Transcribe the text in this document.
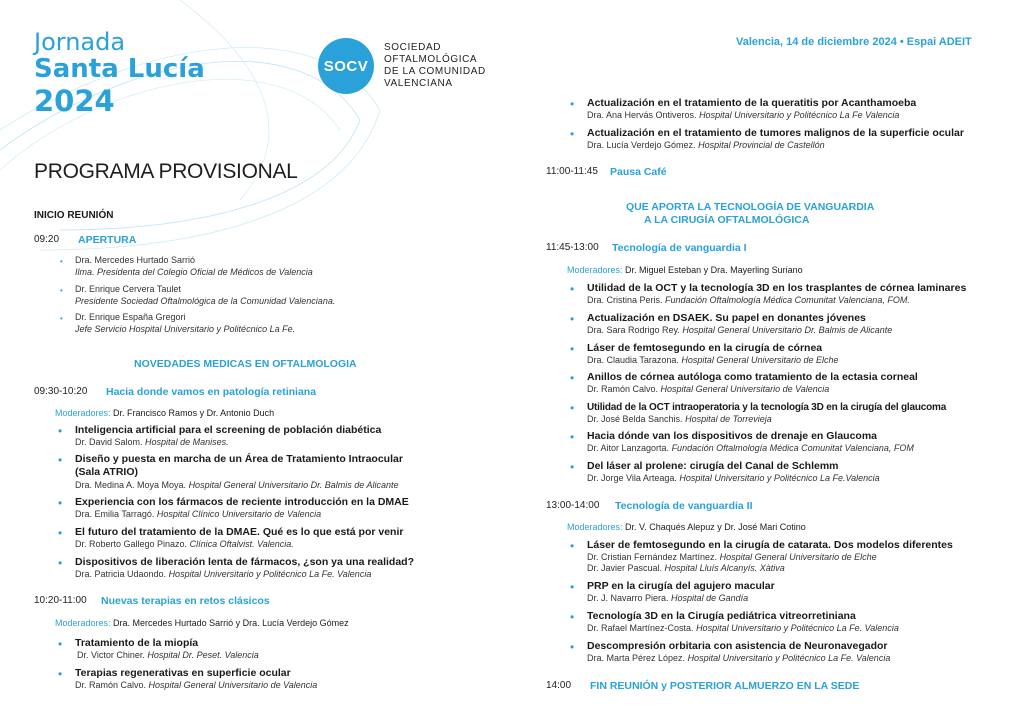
Jornada
Santa Lucía
2024
SOCV
SOCIEDAD
OFTALMOLÓGICA
DE LA COMUNIDAD
VALENCIANA
Valencia, 14 de diciembre 2024 • Espai ADEIT
PROGRAMA PROVISIONAL
INICIO REUNIÓN
09:20 APERTURA
• Dra. Mercedes Hurtado Sarrió
Ilma. Presidenta del Colegio Oficial de Médicos de Valencia
• Dr. Enrique Cervera Taulet
Presidente Sociedad Oftalmológica de la Comunidad Valenciana.
• Dr. Enrique España Gregori
Jefe Servicio Hospital Universitario y Politécnico La Fe.
NOVEDADES MEDICAS EN OFTALMOLOGIA
09:30-10:20 Hacia donde vamos en patología retiniana
Moderadores: Dr. Francisco Ramos y Dr. Antonio Duch
• Inteligencia artificial para el screening de población diabética
Dr. David Salom. Hospital de Manises.
• Diseño y puesta en marcha de un Área de Tratamiento Intraocular
(Sala ATRIO)
Dra. Medina A. Moya Moya. Hospital General Universitario Dr. Balmis de Alicante
• Experiencia con los fármacos de reciente introducción en la DMAE
Dra. Emilia Tarragó. Hospital Clínico Universitario de Valencia
• El futuro del tratamiento de la DMAE. Qué es lo que está por venir
Dr. Roberto Gallego Pinazo. Clínica Oftalvist. Valencia.
• Dispositivos de liberación lenta de fármacos, ¿son ya una realidad?
Dra. Patricia Udaondo. Hospital Universitario y Politécnico La Fe. Valencia
10:20-11:00 Nuevas terapias en retos clásicos
Moderadores: Dra. Mercedes Hurtado Sarrió y Dra. Lucía Verdejo Gómez
• Tratamiento de la miopía
Dr. Victor Chiner. Hospital Dr. Peset. Valencia
• Terapias regenerativas en superficie ocular
Dr. Ramón Calvo. Hospital General Universitario de Valencia
• Actualización en el tratamiento de la queratitis por Acanthamoeba
Dra. Ana Hervás Ontiveros. Hospital Universitario y Politécnico La Fe Valencia
• Actualización en el tratamiento de tumores malignos de la superficie ocular
Dra. Lucía Verdejo Gómez. Hospital Provincial de Castellón
11:00-11:45 Pausa Café
QUE APORTA LA TECNOLOGÍA DE VANGUARDIA
A LA CIRUGÍA OFTALMOLÓGICA
11:45-13:00 Tecnología de vanguardia I
Moderadores: Dr. Miguel Esteban y Dra. Mayerling Suriano
• Utilidad de la OCT y la tecnología 3D en los trasplantes de córnea laminares
Dra. Cristina Peris. Fundación Oftalmología Médica Comunitat Valenciana, FOM.
• Actualización en DSAEK. Su papel en donantes jóvenes
Dra. Sara Rodrigo Rey. Hospital General Universitario Dr. Balmis de Alicante
• Láser de femtosegundo en la cirugía de córnea
Dra. Claudia Tarazona. Hospital General Universitario de Elche
• Anillos de córnea autóloga como tratamiento de la ectasia corneal
Dr. Ramón Calvo. Hospital General Universitario de Valencia
• Utilidad de la OCT intraoperatoria y la tecnología 3D en la cirugía del glaucoma
Dr. José Belda Sanchis. Hospital de Torrevieja
• Hacia dónde van los dispositivos de drenaje en Glaucoma
Dr. Aitor Lanzagorta. Fundación Oftalmología Médica Comunitat Valenciana, FOM
• Del láser al prolene: cirugía del Canal de Schlemm
Dr. Jorge Vila Arteaga. Hospital Universitario y Politécnico La Fe.Valencia
13:00-14:00 Tecnología de vanguardia II
Moderadores: Dr. V. Chaqués Alepuz y Dr. José Mari Cotino
• Láser de femtosegundo en la cirugía de catarata. Dos modelos diferentes
Dr. Cristian Fernández Martínez. Hospital General Universitario de Elche
Dr. Javier Pascual. Hospital Lluís Alcanyís. Xàtiva
• PRP en la cirugía del agujero macular
Dr. J. Navarro Piera. Hospital de Gandía
• Tecnología 3D en la Cirugía pediátrica vitreorretiniana
Dr. Rafael Martínez-Costa. Hospital Universitario y Politécnico La Fe. Valencia
• Descompresión orbitaria con asistencia de Neuronavegador
Dra. Marta Pérez López. Hospital Universitario y Politécnico La Fe. Valencia
14:00 FIN REUNIÓN y POSTERIOR ALMUERZO EN LA SEDE
